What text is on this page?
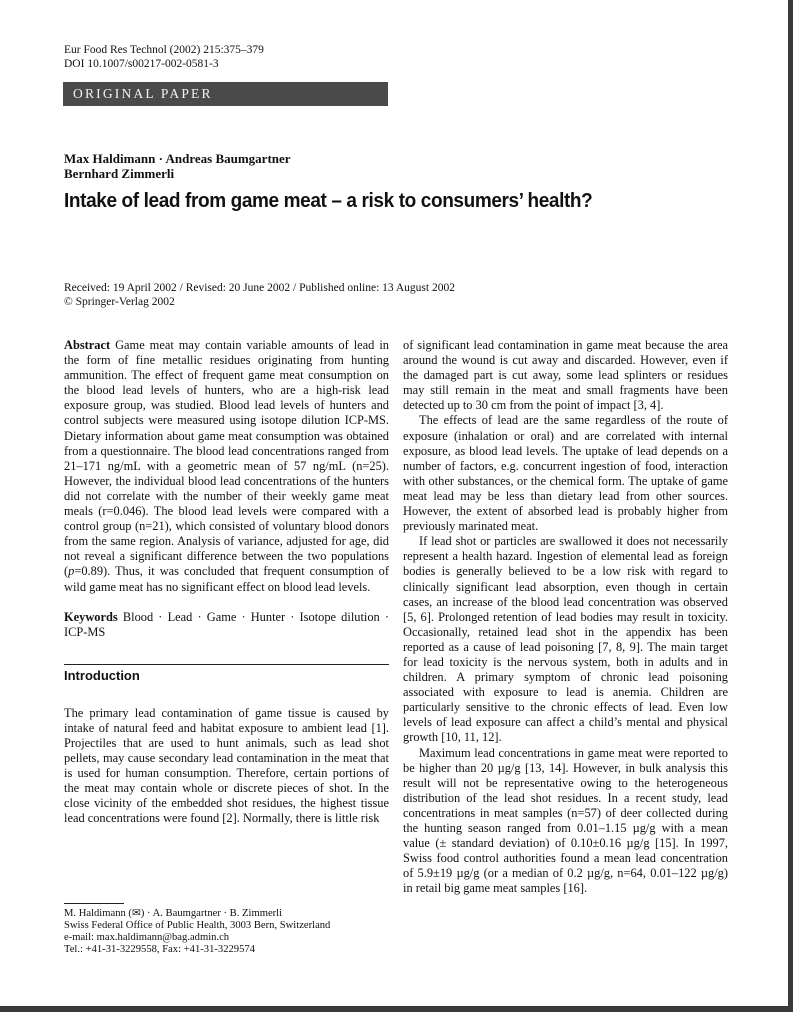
Eur Food Res Technol (2002) 215:375–379
DOI 10.1007/s00217-002-0581-3
ORIGINAL PAPER
Max Haldimann · Andreas Baumgartner
Bernhard Zimmerli
Intake of lead from game meat – a risk to consumers’ health?
Received: 19 April 2002 / Revised: 20 June 2002 / Published online: 13 August 2002
© Springer-Verlag 2002

Abstract Game meat may contain variable amounts of lead in the form of fine metallic residues originating from hunting ammunition. The effect of frequent game meat consumption on the blood lead levels of hunters, who are a high-risk lead exposure group, was studied. Blood lead levels of hunters and control subjects were measured using isotope dilution ICP-MS. Dietary information about game meat consumption was obtained from a questionnaire. The blood lead concentrations ranged from 21–171 ng/mL with a geometric mean of 57 ng/mL (n=25). However, the individual blood lead concentrations of the hunters did not correlate with the number of their weekly game meat meals (r=0.046). The blood lead levels were compared with a control group (n=21), which consisted of voluntary blood donors from the same region. Analysis of variance, adjusted for age, did not reveal a significant difference between the two populations (p=0.89). Thus, it was concluded that frequent consumption of wild game meat has no significant effect on blood lead levels.

Keywords Blood · Lead · Game · Hunter · Isotope dilution · ICP-MS

Introduction

The primary lead contamination of game tissue is caused by intake of natural feed and habitat exposure to ambient lead [1]. Projectiles that are used to hunt animals, such as lead shot pellets, may cause secondary lead contamination in the meat that is used for human consumption. Therefore, certain portions of the meat may contain whole or discrete pieces of shot. In the close vicinity of the embedded shot residues, the highest tissue lead concentrations were found [2]. Normally, there is little risk

of significant lead contamination in game meat because the area around the wound is cut away and discarded. However, even if the damaged part is cut away, some lead splinters or residues may still remain in the meat and small fragments have been detected up to 30 cm from the point of impact [3, 4].

The effects of lead are the same regardless of the route of exposure (inhalation or oral) and are correlated with internal exposure, as blood lead levels. The uptake of lead depends on a number of factors, e.g. concurrent ingestion of food, interaction with other substances, or the chemical form. The uptake of game meat lead may be less than dietary lead from other sources. However, the extent of absorbed lead is probably higher from previously marinated meat.

If lead shot or particles are swallowed it does not necessarily represent a health hazard. Ingestion of elemental lead as foreign bodies is generally believed to be a low risk with regard to clinically significant lead absorption, even though in certain cases, an increase of the blood lead concentration was observed [5, 6]. Prolonged retention of lead bodies may result in toxicity. Occasionally, retained lead shot in the appendix has been reported as a cause of lead poisoning [7, 8, 9]. The main target for lead toxicity is the nervous system, both in adults and in children. A primary symptom of chronic lead poisoning associated with exposure to lead is anemia. Children are particularly sensitive to the chronic effects of lead. Even low levels of lead exposure can affect a child’s mental and physical growth [10, 11, 12].

Maximum lead concentrations in game meat were reported to be higher than 20 µg/g [13, 14]. However, in bulk analysis this result will not be representative owing to the heterogeneous distribution of the lead shot residues. In a recent study, lead concentrations in meat samples (n=57) of deer collected during the hunting season ranged from 0.01–1.15 µg/g with a mean value (± standard deviation) of 0.10±0.16 µg/g [15]. In 1997, Swiss food control authorities found a mean lead concentration of 5.9±19 µg/g (or a median of 0.2 µg/g, n=64, 0.01–122 µg/g) in retail big game meat samples [16].

M. Haldimann (✉) · A. Baumgartner · B. Zimmerli
Swiss Federal Office of Public Health, 3003 Bern, Switzerland
e-mail: max.haldimann@bag.admin.ch
Tel.: +41-31-3229558, Fax: +41-31-3229574
